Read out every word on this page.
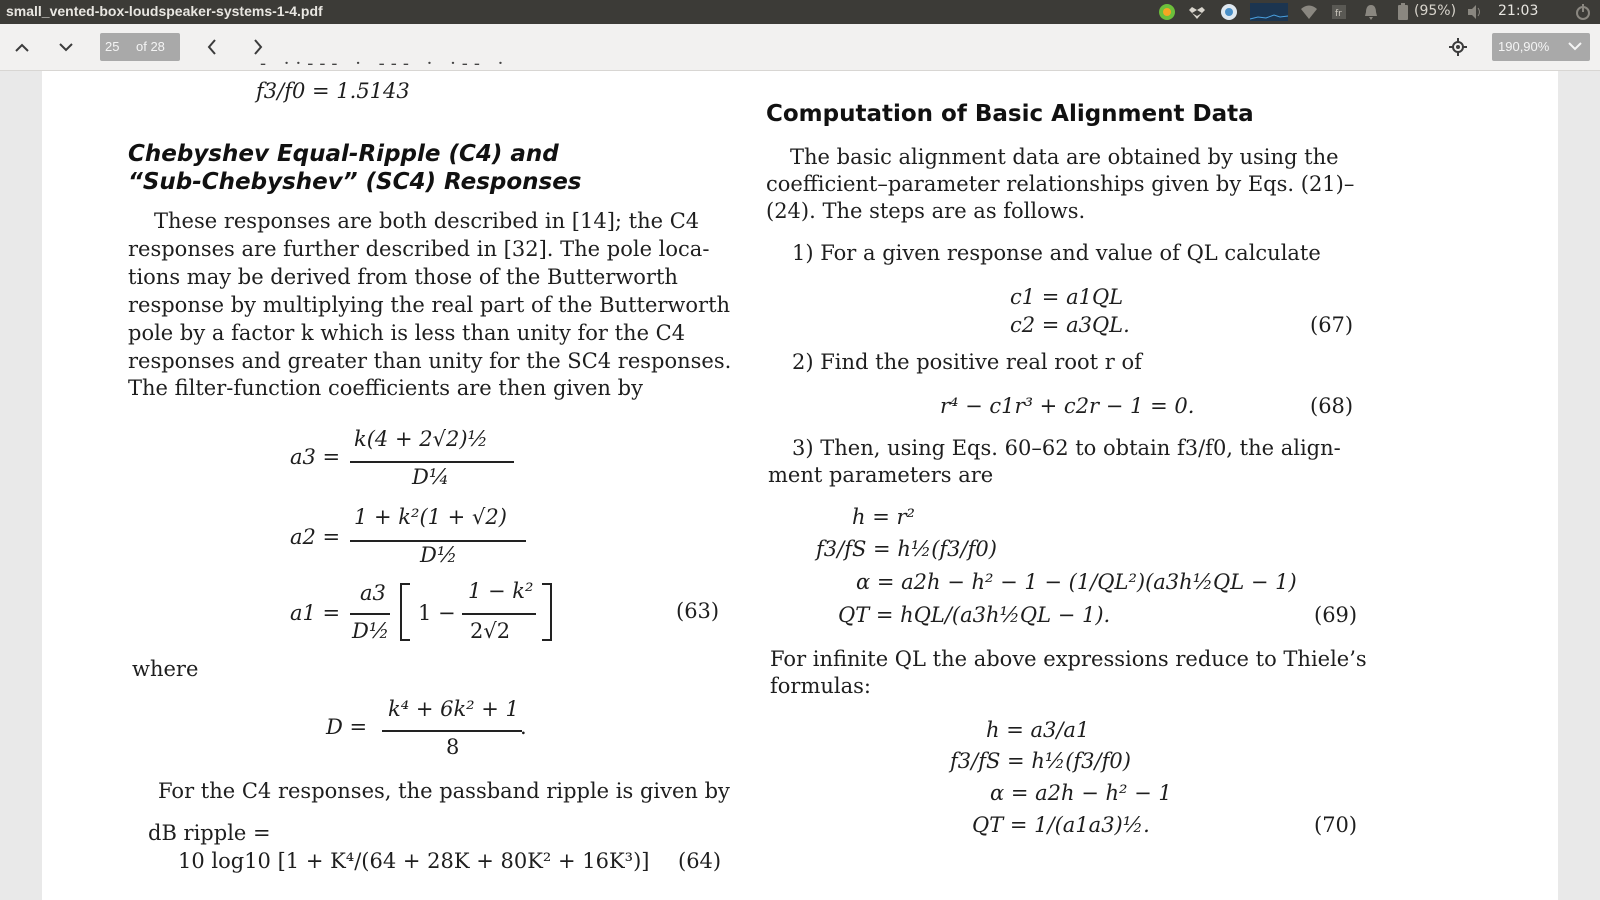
small_vented-box-loudspeaker-systems-1-4.pdf	fr	(95%)	21:03
25 of 28	190,90%
- ··--- · --- · ·-- ·
f3/f0 = 1.5143
Chebyshev Equal-Ripple (C4) and
“Sub-Chebyshev” (SC4) Responses
These responses are both described in [14]; the C4
responses are further described in [32]. The pole loca-
tions may be derived from those of the Butterworth
response by multiplying the real part of the Butterworth
pole by a factor k which is less than unity for the C4
responses and greater than unity for the SC4 responses.
The filter-function coefficients are then given by
a3 =
k(4 + 2√2)½
D¼
a2 =
1 + k²(1 + √2)
D½
a1 =
a3
D½
1 −
1 − k²
2√2
(63)
where
D =
k⁴ + 6k² + 1
.
8
For the C4 responses, the passband ripple is given by
dB ripple =
10 log10 [1 + K⁴/(64 + 28K + 80K² + 16K³)] (64)
Computation of Basic Alignment Data
The basic alignment data are obtained by using the
coefficient–parameter relationships given by Eqs. (21)–
(24). The steps are as follows.
1) For a given response and value of QL calculate
c1 = a1QL
c2 = a3QL.	(67)
2) Find the positive real root r of
r⁴ − c1r³ + c2r − 1 = 0.	(68)
3) Then, using Eqs. 60–62 to obtain f3/f0, the align-
ment parameters are
h = r²
f3/fS = h½(f3/f0)
α = a2h − h² − 1 − (1/QL²)(a3h½QL − 1)
QT = hQL/(a3h½QL − 1).	(69)
For infinite QL the above expressions reduce to Thiele’s
formulas:
h = a3/a1
f3/fS = h½(f3/f0)
α = a2h − h² − 1
QT = 1/(a1a3)½.	(70)
